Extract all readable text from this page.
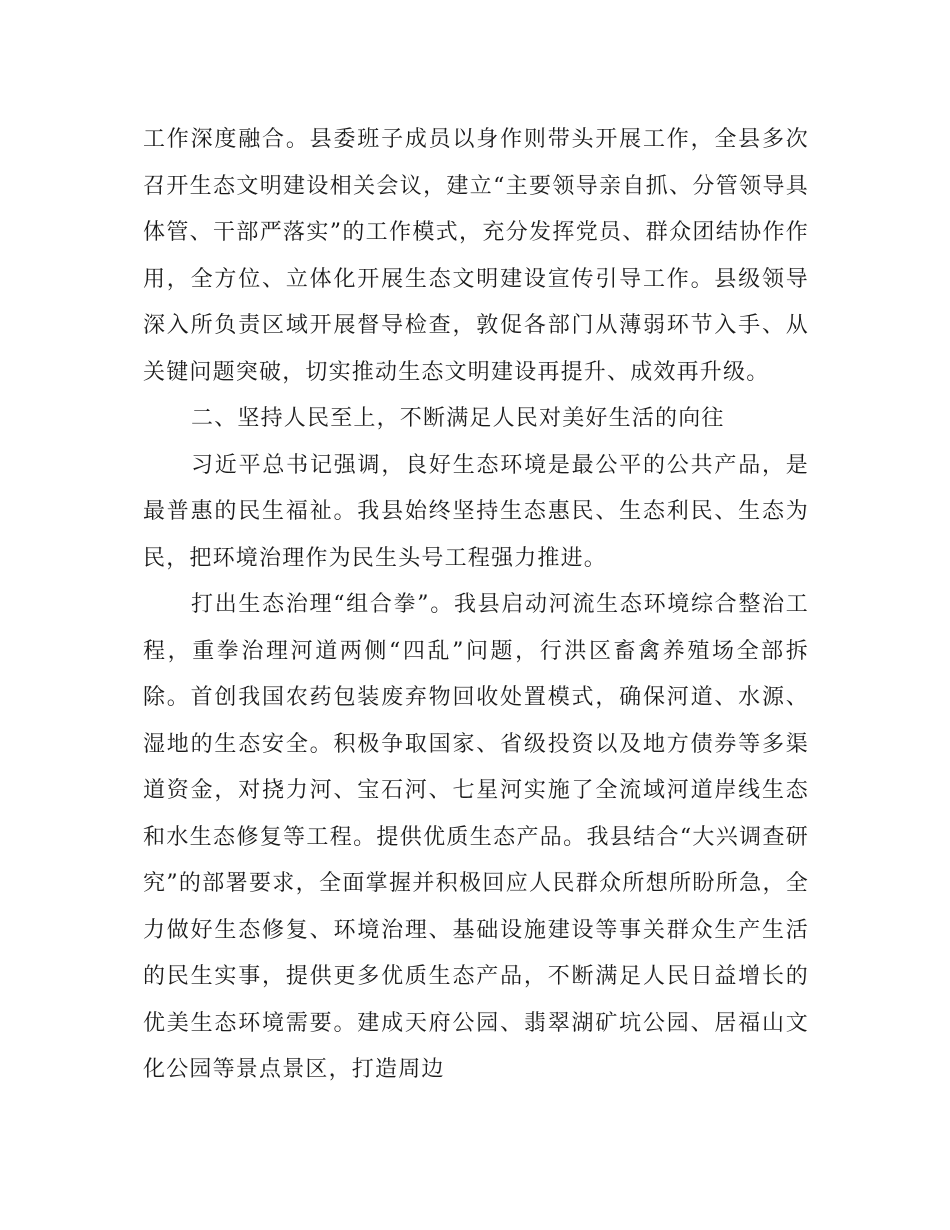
工作深度融合。县委班子成员以身作则带头开展工作，全县多次召开生态文明建设相关会议，建立“主要领导亲自抓、分管领导具体管、干部严落实”的工作模式，充分发挥党员、群众团结协作作用，全方位、立体化开展生态文明建设宣传引导工作。县级领导深入所负责区域开展督导检查，敦促各部门从薄弱环节入手、从关键问题突破，切实推动生态文明建设再提升、成效再升级。

二、坚持人民至上，不断满足人民对美好生活的向往

习近平总书记强调，良好生态环境是最公平的公共产品，是最普惠的民生福祉。我县始终坚持生态惠民、生态利民、生态为民，把环境治理作为民生头号工程强力推进。

打出生态治理“组合拳”。我县启动河流生态环境综合整治工程，重拳治理河道两侧“四乱”问题，行洪区畜禽养殖场全部拆除。首创我国农药包装废弃物回收处置模式，确保河道、水源、湿地的生态安全。积极争取国家、省级投资以及地方债券等多渠道资金，对挠力河、宝石河、七星河实施了全流域河道岸线生态和水生态修复等工程。提供优质生态产品。我县结合“大兴调查研究”的部署要求，全面掌握并积极回应人民群众所想所盼所急，全力做好生态修复、环境治理、基础设施建设等事关群众生产生活的民生实事，提供更多优质生态产品，不断满足人民日益增长的优美生态环境需要。建成天府公园、翡翠湖矿坑公园、居福山文化公园等景点景区，打造周边
